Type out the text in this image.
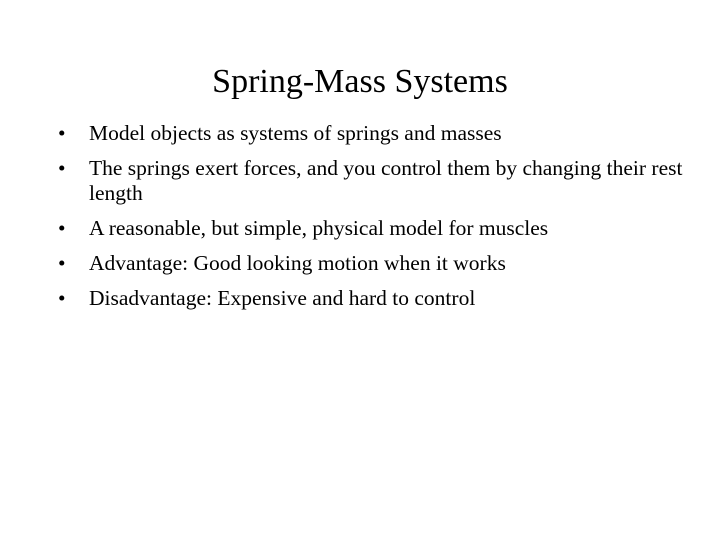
Spring-Mass Systems
•	Model objects as systems of springs and masses
•	The springs exert forces, and you control them by changing their rest length
•	A reasonable, but simple, physical model for muscles
•	Advantage: Good looking motion when it works
•	Disadvantage: Expensive and hard to control
